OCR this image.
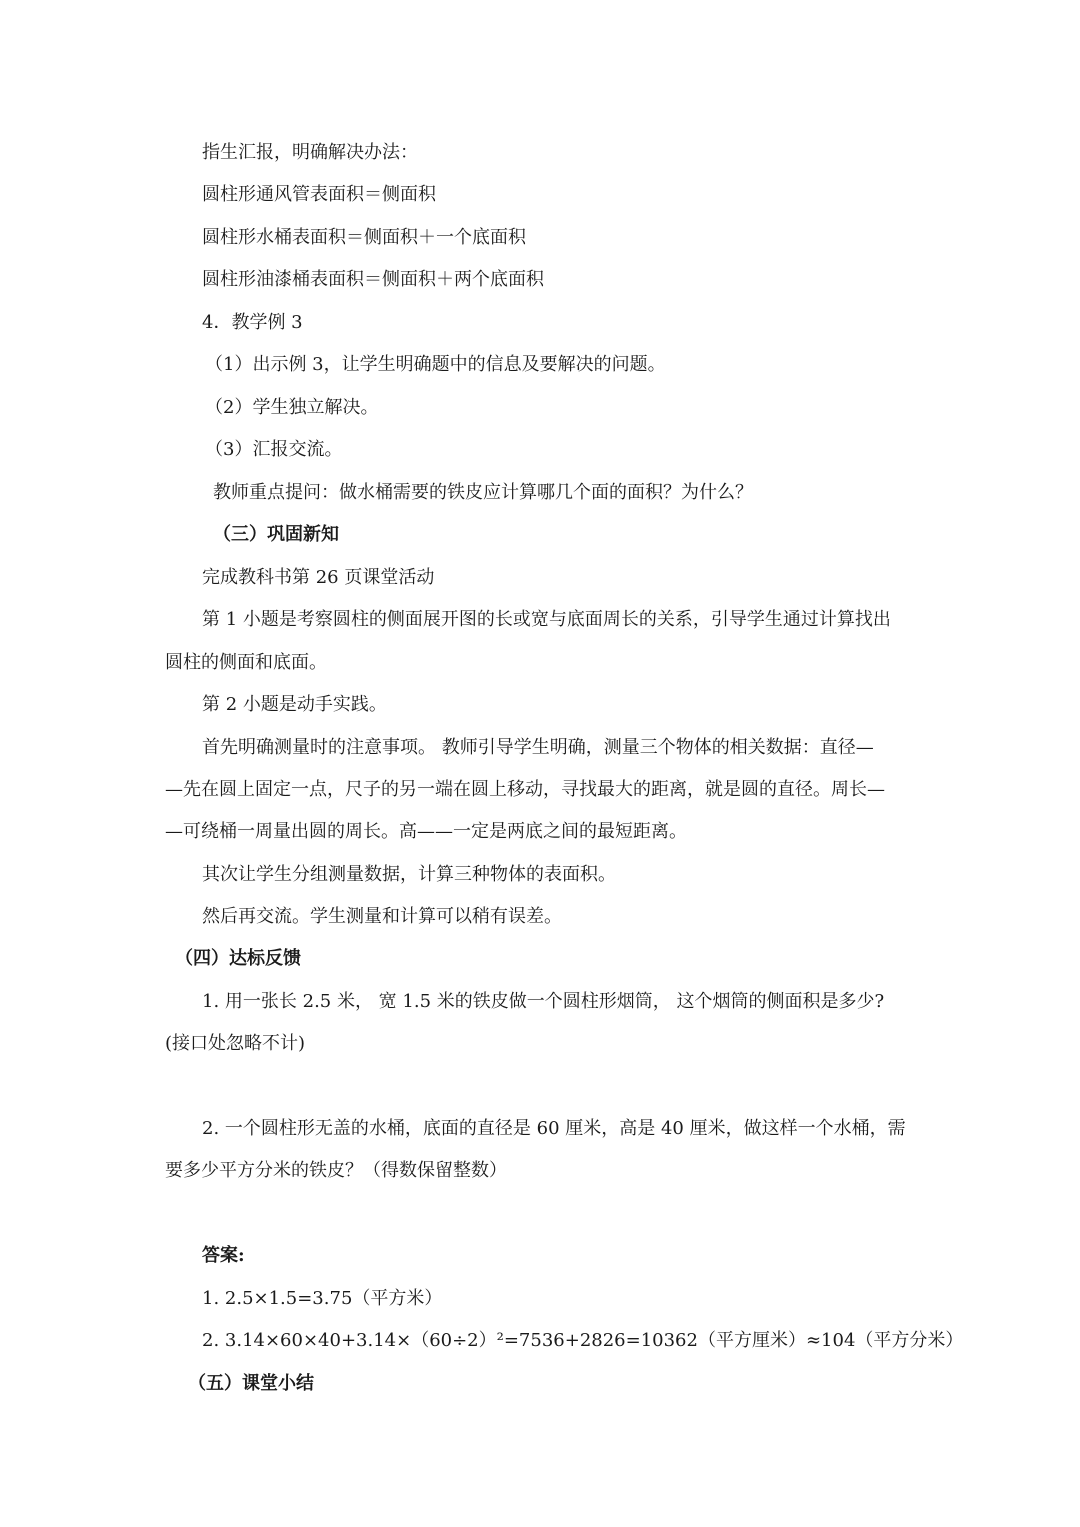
指生汇报，明确解决办法：
圆柱形通风管表面积＝侧面积
圆柱形水桶表面积＝侧面积＋一个底面积
圆柱形油漆桶表面积＝侧面积＋两个底面积
4．教学例 3
（1）出示例 3，让学生明确题中的信息及要解决的问题。
（2）学生独立解决。
（3）汇报交流。
教师重点提问：做水桶需要的铁皮应计算哪几个面的面积？为什么？
（三）巩固新知
完成教科书第 26 页课堂活动
第 1 小题是考察圆柱的侧面展开图的长或宽与底面周长的关系，引导学生通过计算找出
圆柱的侧面和底面。
第 2 小题是动手实践。
首先明确测量时的注意事项。 教师引导学生明确，测量三个物体的相关数据：直径—
—先在圆上固定一点，尺子的另一端在圆上移动，寻找最大的距离，就是圆的直径。周长—
—可绕桶一周量出圆的周长。高——一定是两底之间的最短距离。
其次让学生分组测量数据，计算三种物体的表面积。
然后再交流。学生测量和计算可以稍有误差。
（四）达标反馈
1. 用一张长 2.5 米， 宽 1.5 米的铁皮做一个圆柱形烟筒， 这个烟筒的侧面积是多少?
(接口处忽略不计)
2. 一个圆柱形无盖的水桶，底面的直径是 60 厘米，高是 40 厘米，做这样一个水桶，需
要多少平方分米的铁皮？（得数保留整数）
答案:
1. 2.5×1.5=3.75（平方米）
2. 3.14×60×40+3.14×（60÷2）²=7536+2826=10362（平方厘米）≈104（平方分米）
（五）课堂小结
